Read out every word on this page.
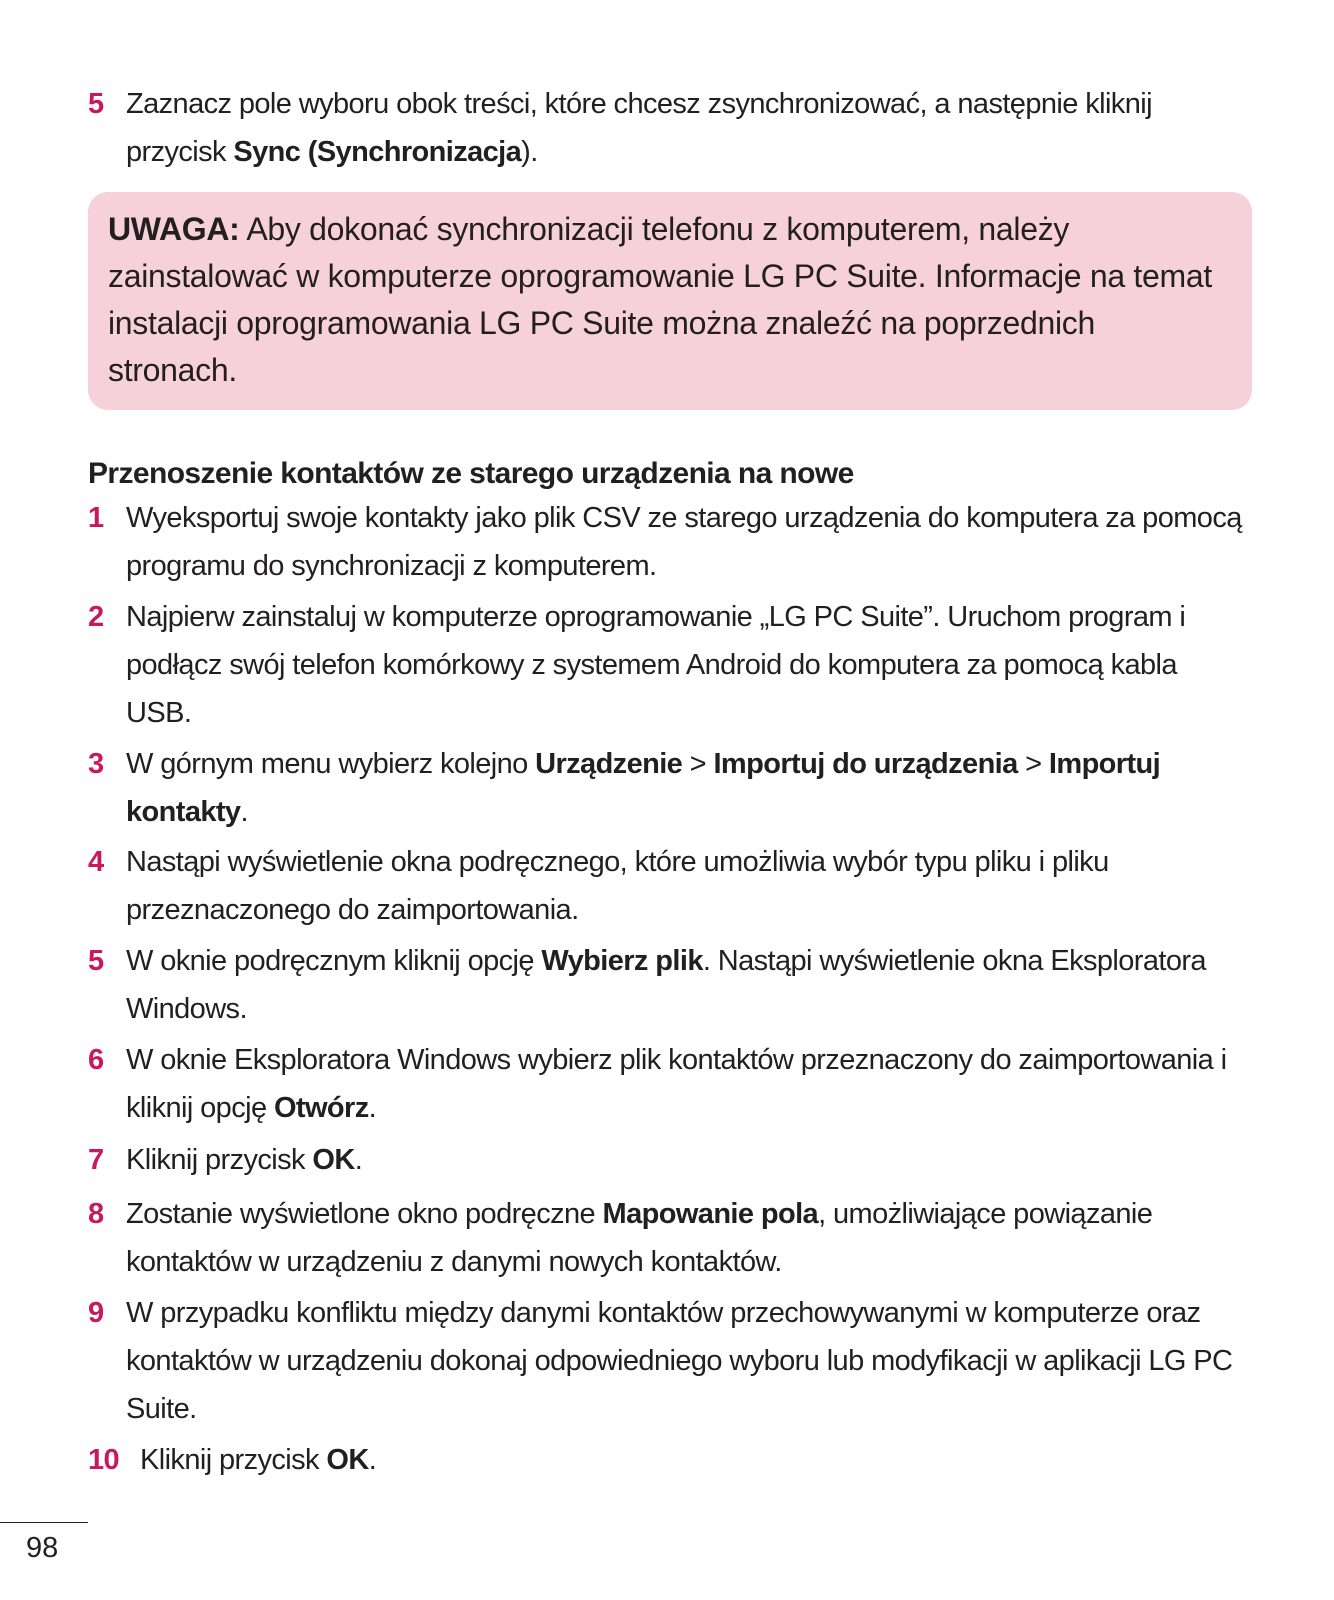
5 Zaznacz pole wyboru obok treści, które chcesz zsynchronizować, a następnie kliknij przycisk Sync (Synchronizacja).
UWAGA: Aby dokonać synchronizacji telefonu z komputerem, należy zainstalować w komputerze oprogramowanie LG PC Suite. Informacje na temat instalacji oprogramowania LG PC Suite można znaleźć na poprzednich stronach.
Przenoszenie kontaktów ze starego urządzenia na nowe
1 Wyeksportuj swoje kontakty jako plik CSV ze starego urządzenia do komputera za pomocą programu do synchronizacji z komputerem.
2 Najpierw zainstaluj w komputerze oprogramowanie „LG PC Suite”. Uruchom program i podłącz swój telefon komórkowy z systemem Android do komputera za pomocą kabla USB.
3 W górnym menu wybierz kolejno Urządzenie > Importuj do urządzenia > Importuj kontakty.
4 Nastąpi wyświetlenie okna podręcznego, które umożliwia wybór typu pliku i pliku przeznaczonego do zaimportowania.
5 W oknie podręcznym kliknij opcję Wybierz plik. Nastąpi wyświetlenie okna Eksploratora Windows.
6 W oknie Eksploratora Windows wybierz plik kontaktów przeznaczony do zaimportowania i kliknij opcję Otwórz.
7 Kliknij przycisk OK.
8 Zostanie wyświetlone okno podręczne Mapowanie pola, umożliwiające powiązanie kontaktów w urządzeniu z danymi nowych kontaktów.
9 W przypadku konfliktu między danymi kontaktów przechowywanymi w komputerze oraz kontaktów w urządzeniu dokonaj odpowiedniego wyboru lub modyfikacji w aplikacji LG PC Suite.
10 Kliknij przycisk OK.
98
